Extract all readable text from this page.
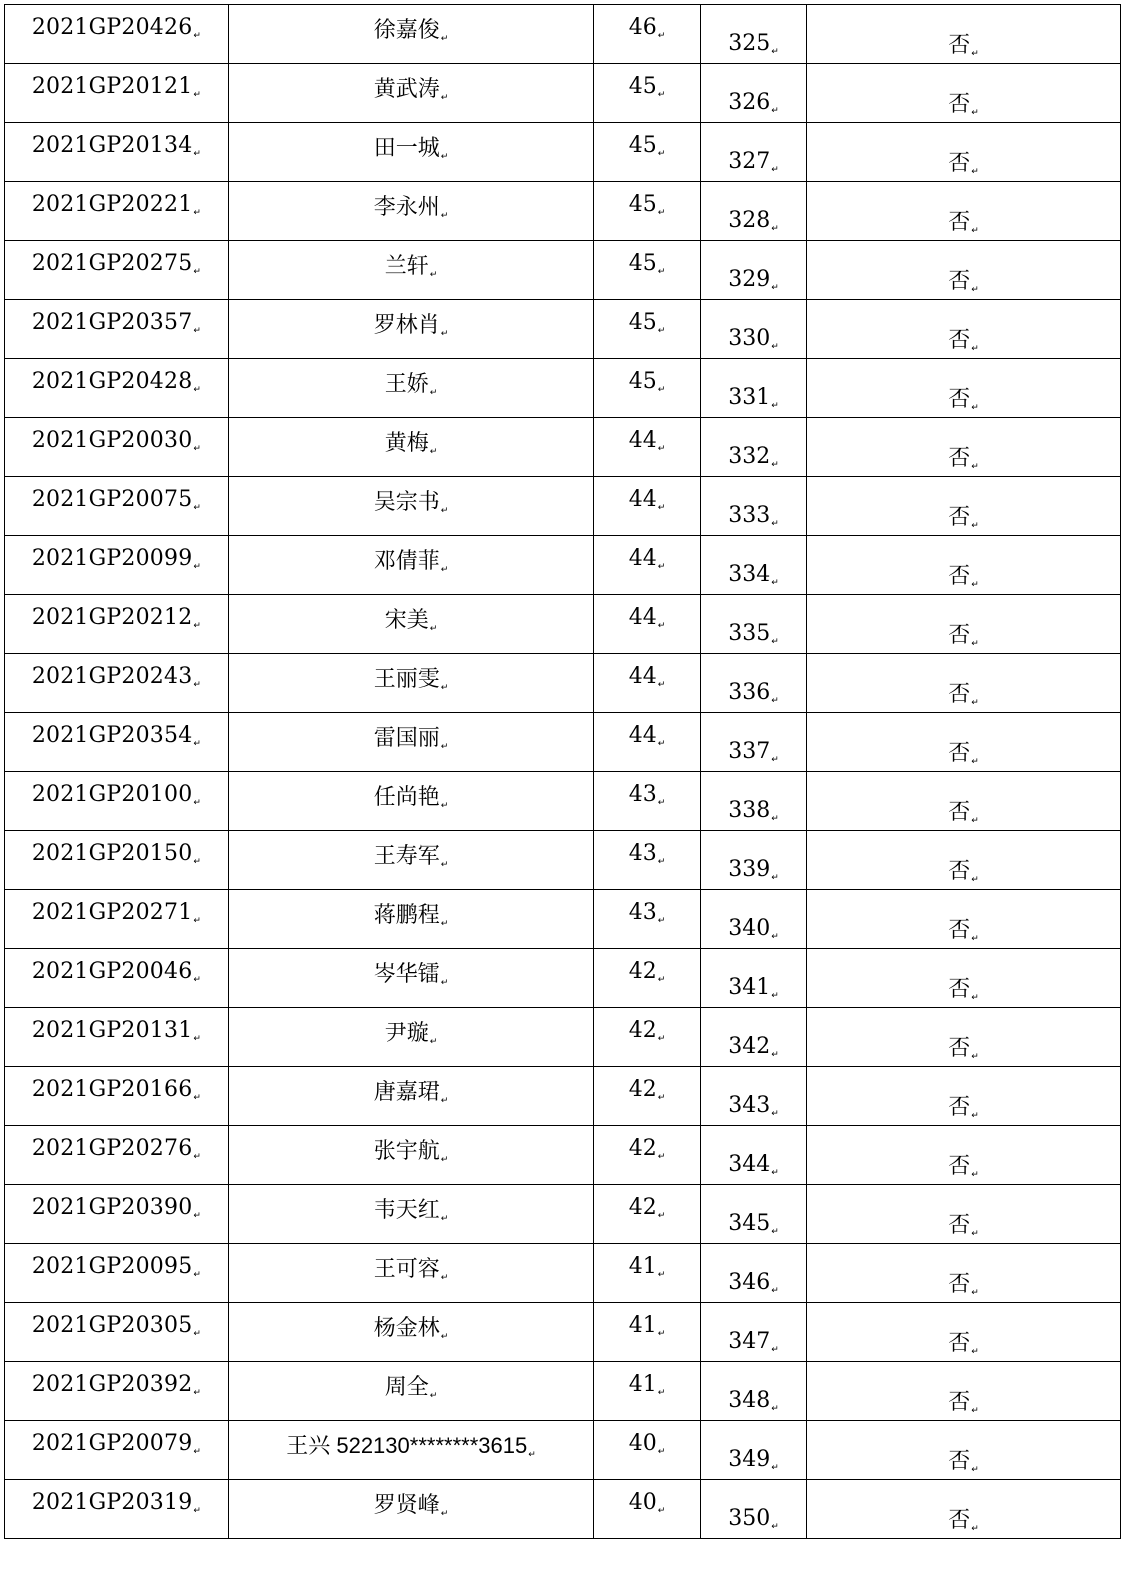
2021GP20426↵	徐嘉俊↵	46↵	325↵	否↵
2021GP20121↵	黄武涛↵	45↵	326↵	否↵
2021GP20134↵	田一城↵	45↵	327↵	否↵
2021GP20221↵	李永州↵	45↵	328↵	否↵
2021GP20275↵	兰轩↵	45↵	329↵	否↵
2021GP20357↵	罗林肖↵	45↵	330↵	否↵
2021GP20428↵	王娇↵	45↵	331↵	否↵
2021GP20030↵	黄梅↵	44↵	332↵	否↵
2021GP20075↵	吴宗书↵	44↵	333↵	否↵
2021GP20099↵	邓倩菲↵	44↵	334↵	否↵
2021GP20212↵	宋美↵	44↵	335↵	否↵
2021GP20243↵	王丽雯↵	44↵	336↵	否↵
2021GP20354↵	雷国丽↵	44↵	337↵	否↵
2021GP20100↵	任尚艳↵	43↵	338↵	否↵
2021GP20150↵	王寿军↵	43↵	339↵	否↵
2021GP20271↵	蒋鹏程↵	43↵	340↵	否↵
2021GP20046↵	岑华镭↵	42↵	341↵	否↵
2021GP20131↵	尹璇↵	42↵	342↵	否↵
2021GP20166↵	唐嘉珺↵	42↵	343↵	否↵
2021GP20276↵	张宇航↵	42↵	344↵	否↵
2021GP20390↵	韦天红↵	42↵	345↵	否↵
2021GP20095↵	王可容↵	41↵	346↵	否↵
2021GP20305↵	杨金林↵	41↵	347↵	否↵
2021GP20392↵	周全↵	41↵	348↵	否↵
2021GP20079↵	王兴 522130********3615↵	40↵	349↵	否↵
2021GP20319↵	罗贤峰↵	40↵	350↵	否↵
